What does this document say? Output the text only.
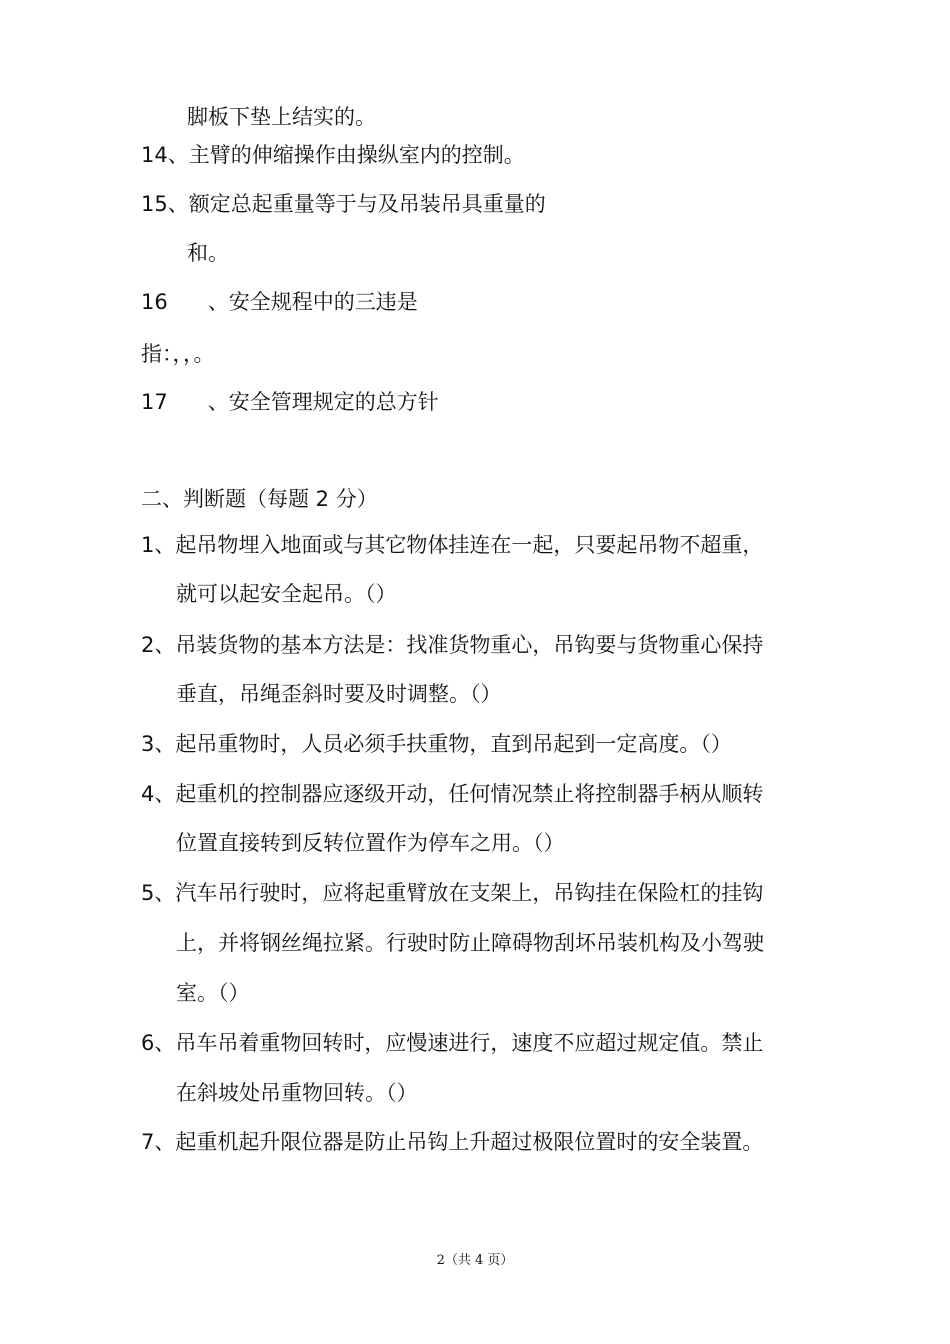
脚板下垫上结实的。
14、主臂的伸缩操作由操纵室内的控制。
15、额定总起重量等于与及吊装吊具重量的
和。
16 、安全规程中的三违是
指：，，。
17 、安全管理规定的总方针
二、判断题（每题 2 分）
1、起吊物埋入地面或与其它物体挂连在一起，只要起吊物不超重，
就可以起安全起吊。（）
2、吊装货物的基本方法是：找准货物重心，吊钩要与货物重心保持
垂直，吊绳歪斜时要及时调整。（）
3、起吊重物时，人员必须手扶重物，直到吊起到一定高度。（）
4、起重机的控制器应逐级开动，任何情况禁止将控制器手柄从顺转
位置直接转到反转位置作为停车之用。（）
5、汽车吊行驶时，应将起重臂放在支架上，吊钩挂在保险杠的挂钩
上，并将钢丝绳拉紧。行驶时防止障碍物刮坏吊装机构及小驾驶
室。（）
6、吊车吊着重物回转时，应慢速进行，速度不应超过规定值。禁止
在斜坡处吊重物回转。（）
7、起重机起升限位器是防止吊钩上升超过极限位置时的安全装置。
2（共 4 页）
